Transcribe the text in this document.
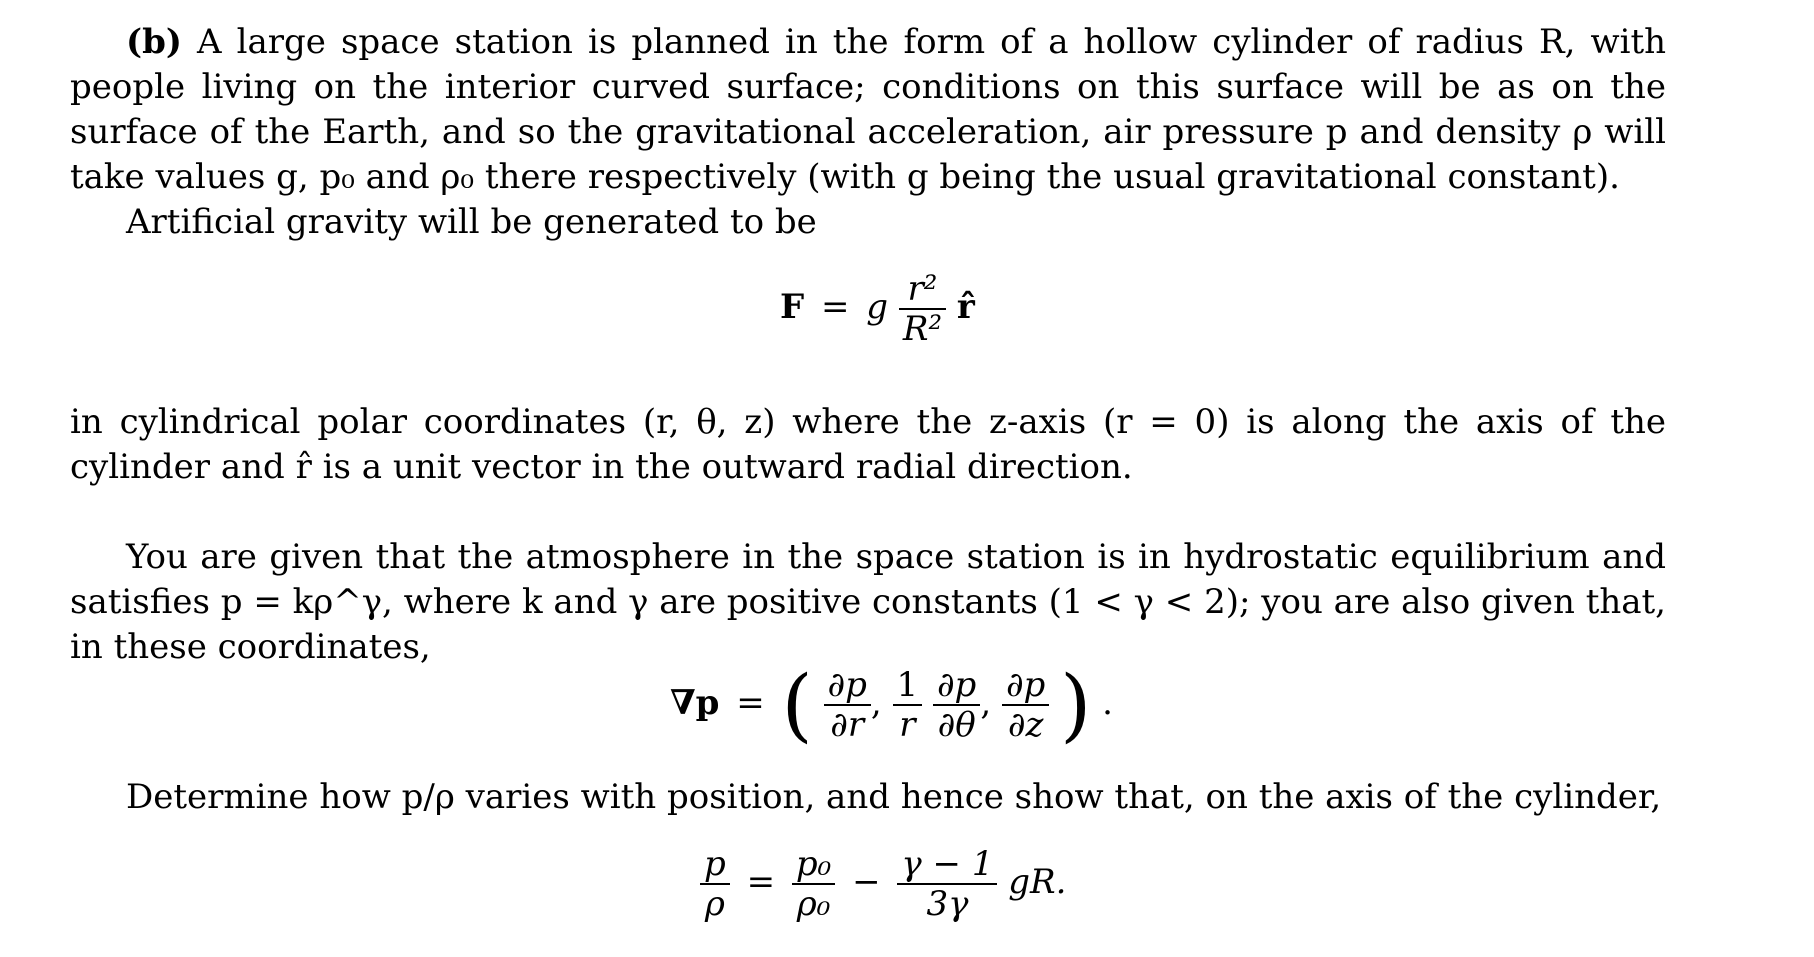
(b) A large space station is planned in the form of a hollow cylinder of radius R, with people living on the interior curved surface; conditions on this surface will be as on the surface of the Earth, and so the gravitational acceleration, air pressure p and density ρ will take values g, p₀ and ρ₀ there respectively (with g being the usual gravitational constant).

Artificial gravity will be generated to be

F = g $\frac{\text{r²}}{\text{R²}}$ r̂

in cylindrical polar coordinates (r, θ, z) where the z-axis (r = 0) is along the axis of the cylinder and r̂ is a unit vector in the outward radial direction.

You are given that the atmosphere in the space station is in hydrostatic equilibrium and satisfies p = kρ^γ, where k and γ are positive constants (1 < γ < 2); you are also given that, in these coordinates,

∇p = ( $\frac{\partial p}{\partial r}$ , $\frac{1}{r}$
$\frac{\partial p}{\partial\theta}$ , $\frac{\partial p}{\partial z}$ ) .

Determine how p/ρ varies with position, and hence show that, on the axis of the cylinder,

$\frac{p}{\rho} = \frac{\text{p₀}}{\text{ρ₀}} - \frac{\gamma - 1}{3\gamma}$ gR.
